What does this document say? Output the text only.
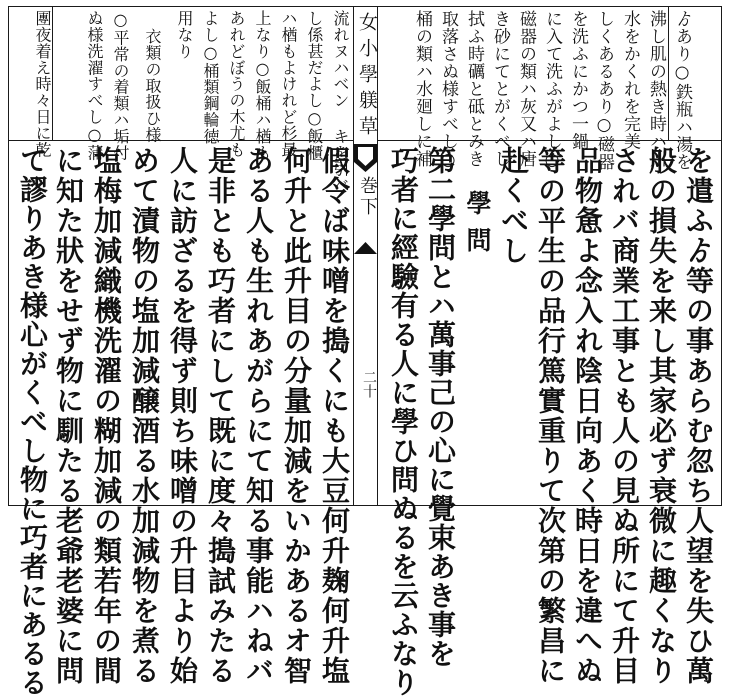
女小學躾草
巻下
二十
ゟあり○鉄瓶ハ湯を
沸し肌の熱き時ハ川
水をかくれを完美
しくあるあり○磁器
を洗ふにかつ一鍋
に入て洗ふがよし○
磁器の類ハ灰又ハ唐
き砂にてとがくべし
拭ふ時礪と砥とみき
取落さぬ様すべし○
桶の類ハ水廻しに補
流れヌハベン キを引べ
し係甚だよし○飯櫃
ハ楢もよけれど杉最
上なり○飯桶ハ楢も
あれどぼうの木尤も
よし○桶類鋼輪徳
用なり
衣類の取扱ひ様
○平常の着類ハ垢付
ぬ様洗濯すべし○蒲
團夜着え時々日に乾
を遣ふゟ等の事あらむ忽ち人望を失ひ萬
般の損失を来し其家必ず衰微に趣くなり
されバ商業工事とも人の見ぬ所にて升目
品物惫よ念入れ陰日向あく時日を違へぬ
等の平生の品行篤實重りて次第の繁昌に
赴くべし
學問
第二學問とハ萬事己の心に覺束あき事を
巧者に經驗有る人に學ひ問ぬるを云ふなり
假令ば味噌を搗くにも大豆何升麹何升塩
何升と此升目の分量加減をいかあるオ智
ある人も生れあがらにて知る事能ハねバ
是非とも巧者にして既に度々搗試みたる
人に訪ざるを得ず則ち味噌の升目より始
めて漬物の塩加減醸酒る水加減物を煮る
塩梅加減織機洗濯の糊加減の類若年の間
に知た狀をせず物に馴たる老爺老婆に問
て謬りあき様心がくべし物に巧者にあるる
